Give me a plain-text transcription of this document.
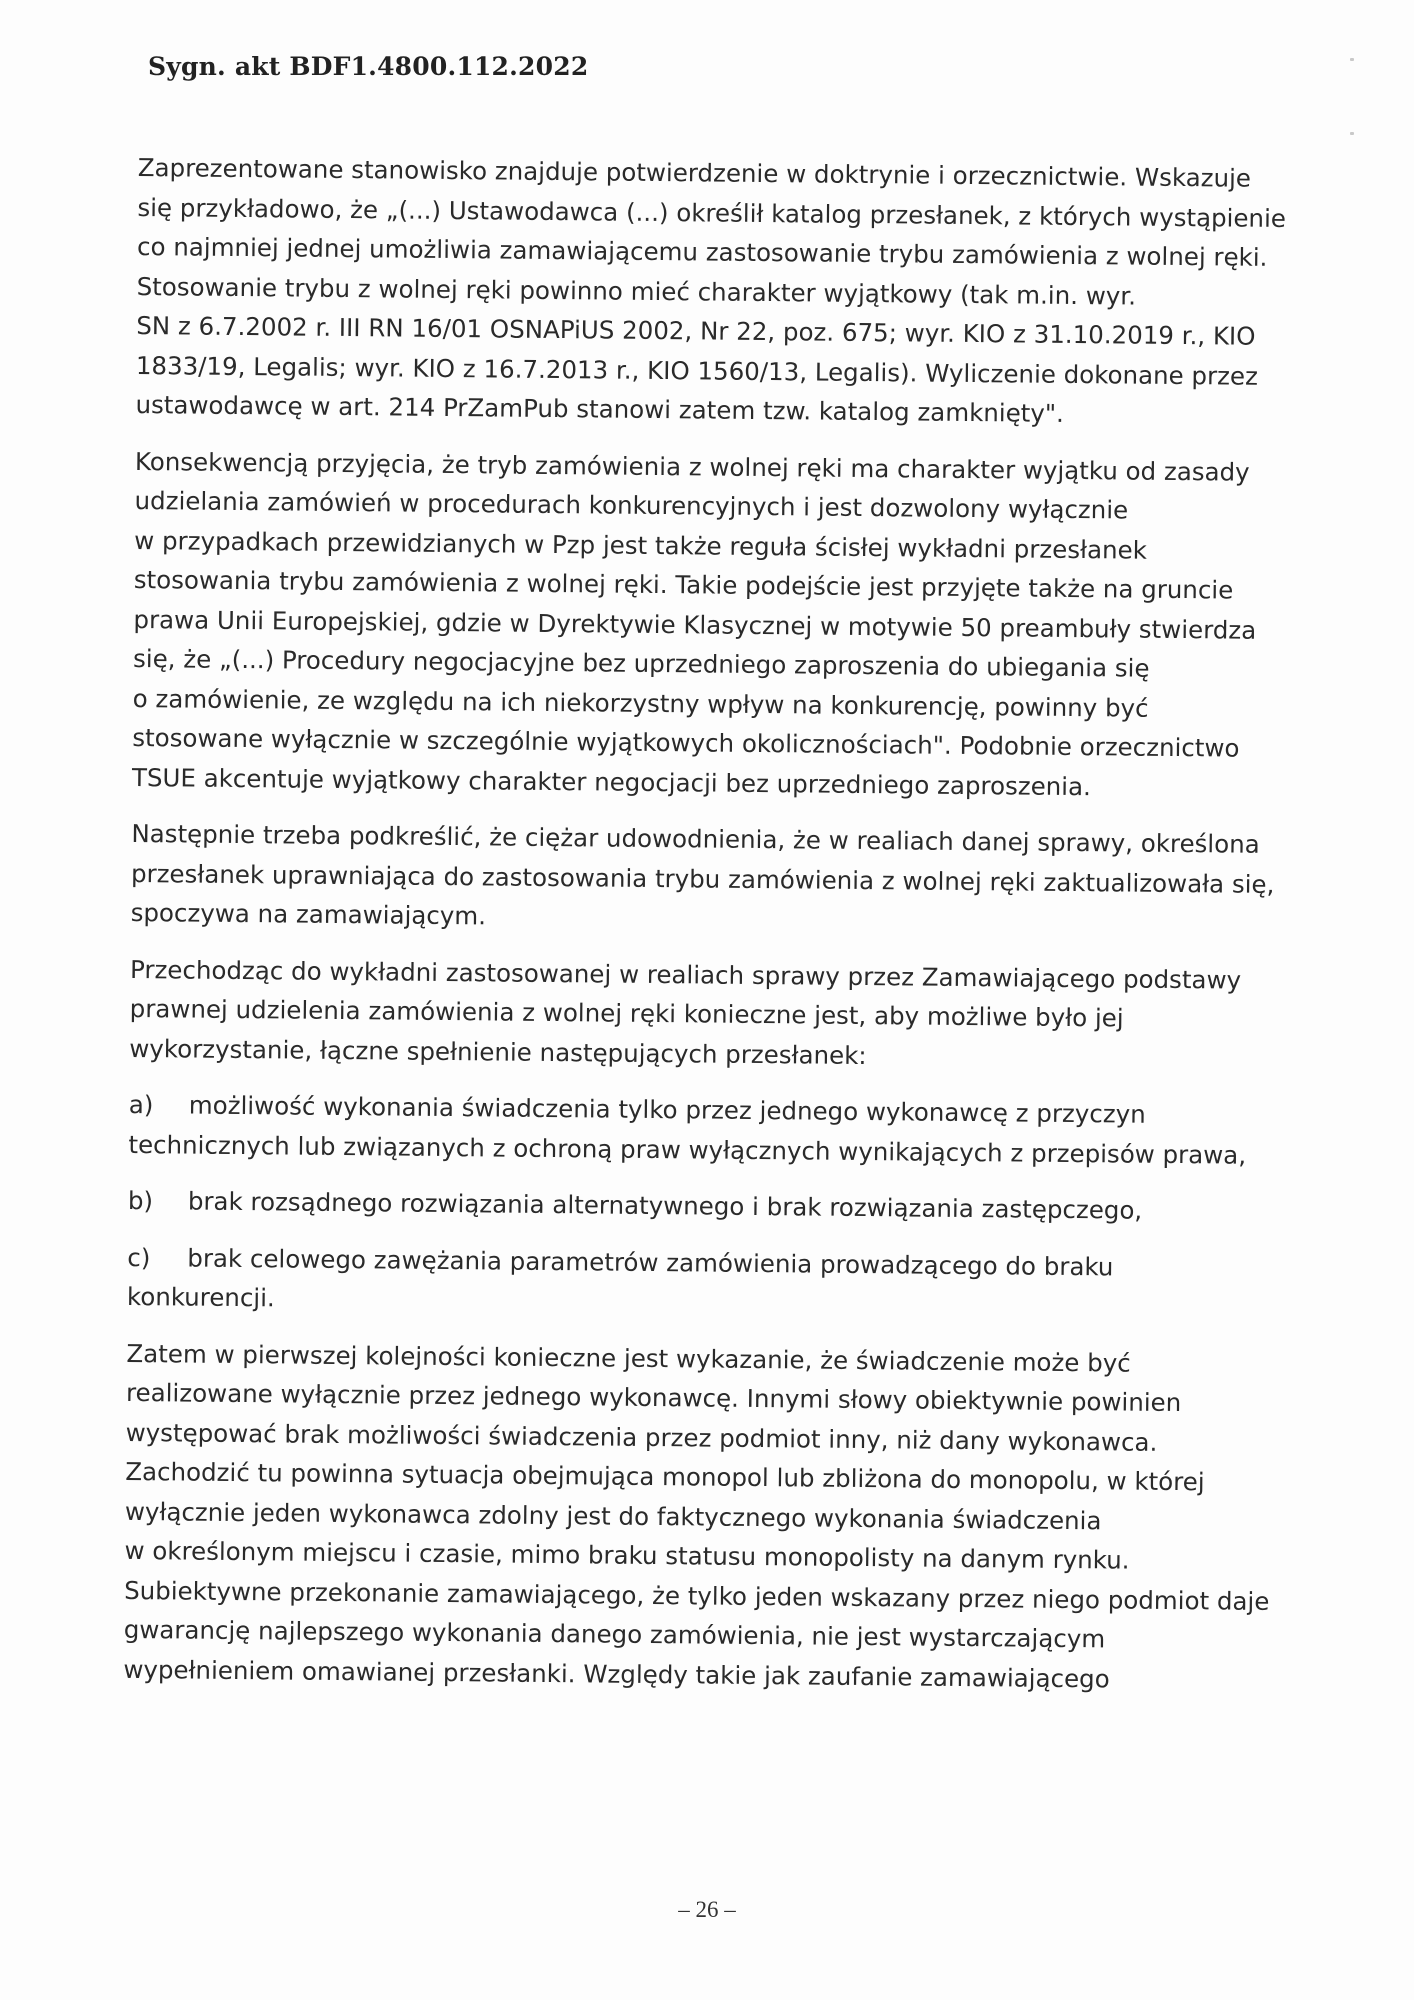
Sygn. akt BDF1.4800.112.2022
Zaprezentowane stanowisko znajduje potwierdzenie w doktrynie i orzecznictwie. Wskazuje
się przykładowo, że „(...) Ustawodawca (...) określił katalog przesłanek, z których wystąpienie
co najmniej jednej umożliwia zamawiającemu zastosowanie trybu zamówienia z wolnej ręki.
Stosowanie trybu z wolnej ręki powinno mieć charakter wyjątkowy (tak m.in. wyr.
SN z 6.7.2002 r. III RN 16/01 OSNAPiUS 2002, Nr 22, poz. 675; wyr. KIO z 31.10.2019 r., KIO
1833/19, Legalis; wyr. KIO z 16.7.2013 r., KIO 1560/13, Legalis). Wyliczenie dokonane przez
ustawodawcę w art. 214 PrZamPub stanowi zatem tzw. katalog zamknięty".
Konsekwencją przyjęcia, że tryb zamówienia z wolnej ręki ma charakter wyjątku od zasady
udzielania zamówień w procedurach konkurencyjnych i jest dozwolony wyłącznie
w przypadkach przewidzianych w Pzp jest także reguła ścisłej wykładni przesłanek
stosowania trybu zamówienia z wolnej ręki. Takie podejście jest przyjęte także na gruncie
prawa Unii Europejskiej, gdzie w Dyrektywie Klasycznej w motywie 50 preambuły stwierdza
się, że „(...) Procedury negocjacyjne bez uprzedniego zaproszenia do ubiegania się
o zamówienie, ze względu na ich niekorzystny wpływ na konkurencję, powinny być
stosowane wyłącznie w szczególnie wyjątkowych okolicznościach". Podobnie orzecznictwo
TSUE akcentuje wyjątkowy charakter negocjacji bez uprzedniego zaproszenia.
Następnie trzeba podkreślić, że ciężar udowodnienia, że w realiach danej sprawy, określona
przesłanek uprawniająca do zastosowania trybu zamówienia z wolnej ręki zaktualizowała się,
spoczywa na zamawiającym.
Przechodząc do wykładni zastosowanej w realiach sprawy przez Zamawiającego podstawy
prawnej udzielenia zamówienia z wolnej ręki konieczne jest, aby możliwe było jej
wykorzystanie, łączne spełnienie następujących przesłanek:
a) możliwość wykonania świadczenia tylko przez jednego wykonawcę z przyczyn
technicznych lub związanych z ochroną praw wyłącznych wynikających z przepisów prawa,
b) brak rozsądnego rozwiązania alternatywnego i brak rozwiązania zastępczego,
c) brak celowego zawężania parametrów zamówienia prowadzącego do braku
konkurencji.
Zatem w pierwszej kolejności konieczne jest wykazanie, że świadczenie może być
realizowane wyłącznie przez jednego wykonawcę. Innymi słowy obiektywnie powinien
występować brak możliwości świadczenia przez podmiot inny, niż dany wykonawca.
Zachodzić tu powinna sytuacja obejmująca monopol lub zbliżona do monopolu, w której
wyłącznie jeden wykonawca zdolny jest do faktycznego wykonania świadczenia
w określonym miejscu i czasie, mimo braku statusu monopolisty na danym rynku.
Subiektywne przekonanie zamawiającego, że tylko jeden wskazany przez niego podmiot daje
gwarancję najlepszego wykonania danego zamówienia, nie jest wystarczającym
wypełnieniem omawianej przesłanki. Względy takie jak zaufanie zamawiającego
– 26 –
